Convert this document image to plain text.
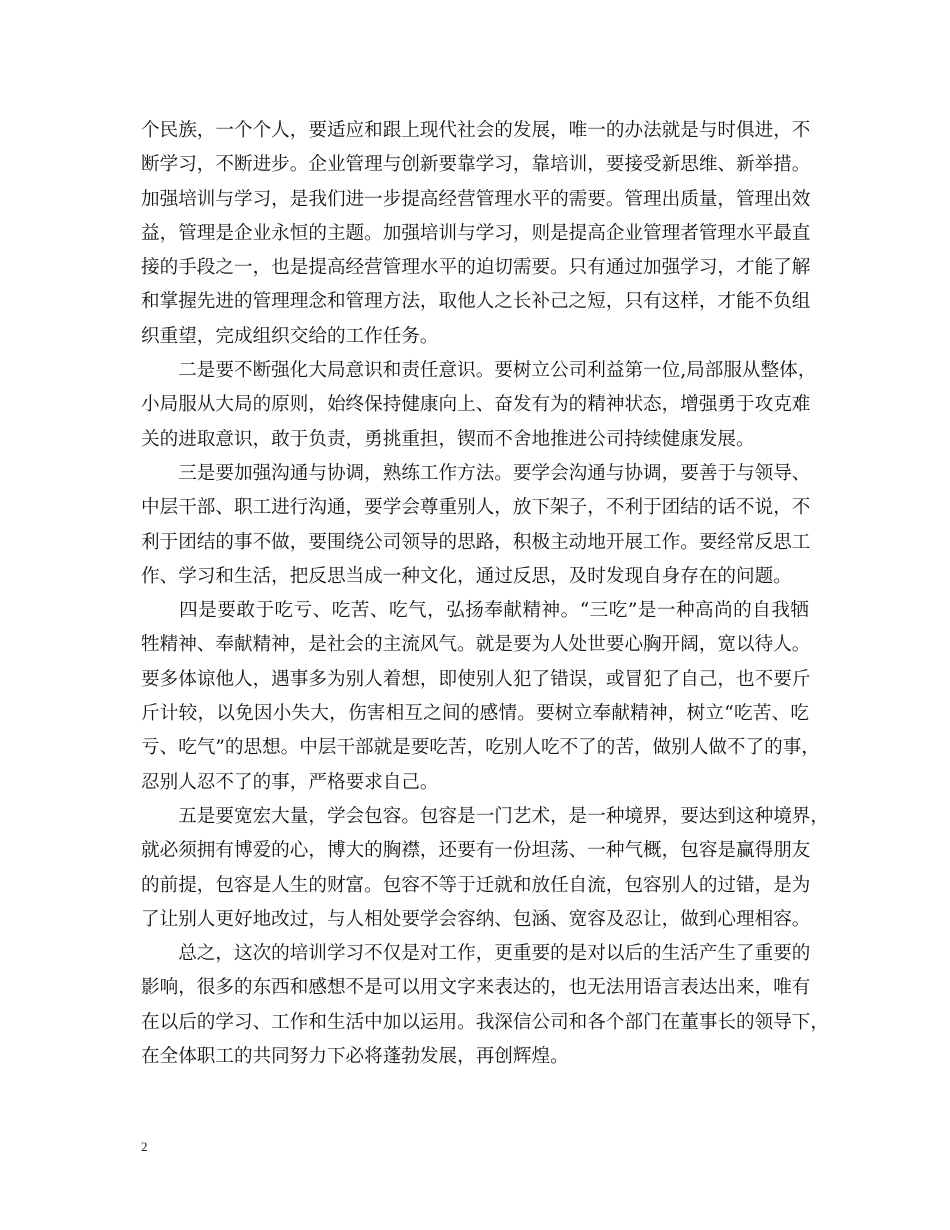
个民族，一个个人，要适应和跟上现代社会的发展，唯一的办法就是与时俱进，不
断学习，不断进步。企业管理与创新要靠学习，靠培训，要接受新思维、新举措。
加强培训与学习，是我们进一步提高经营管理水平的需要。管理出质量，管理出效
益，管理是企业永恒的主题。加强培训与学习，则是提高企业管理者管理水平最直
接的手段之一，也是提高经营管理水平的迫切需要。只有通过加强学习，才能了解
和掌握先进的管理理念和管理方法，取他人之长补己之短，只有这样，才能不负组
织重望，完成组织交给的工作任务。
　　二是要不断强化大局意识和责任意识。要树立公司利益第一位,局部服从整体，
小局服从大局的原则，始终保持健康向上、奋发有为的精神状态，增强勇于攻克难
关的进取意识，敢于负责，勇挑重担，锲而不舍地推进公司持续健康发展。
　　三是要加强沟通与协调，熟练工作方法。要学会沟通与协调，要善于与领导、
中层干部、职工进行沟通，要学会尊重别人，放下架子，不利于团结的话不说，不
利于团结的事不做，要围绕公司领导的思路，积极主动地开展工作。要经常反思工
作、学习和生活，把反思当成一种文化，通过反思，及时发现自身存在的问题。
　　四是要敢于吃亏、吃苦、吃气，弘扬奉献精神。“三吃”是一种高尚的自我牺
牲精神、奉献精神，是社会的主流风气。就是要为人处世要心胸开阔，宽以待人。
要多体谅他人，遇事多为别人着想，即使别人犯了错误，或冒犯了自己，也不要斤
斤计较，以免因小失大，伤害相互之间的感情。要树立奉献精神，树立“吃苦、吃
亏、吃气”的思想。中层干部就是要吃苦，吃别人吃不了的苦，做别人做不了的事，
忍别人忍不了的事，严格要求自己。
　　五是要宽宏大量，学会包容。包容是一门艺术，是一种境界，要达到这种境界，
就必须拥有博爱的心，博大的胸襟，还要有一份坦荡、一种气概，包容是赢得朋友
的前提，包容是人生的财富。包容不等于迁就和放任自流，包容别人的过错，是为
了让别人更好地改过，与人相处要学会容纳、包涵、宽容及忍让，做到心理相容。
　　总之，这次的培训学习不仅是对工作，更重要的是对以后的生活产生了重要的
影响，很多的东西和感想不是可以用文字来表达的，也无法用语言表达出来，唯有
在以后的学习、工作和生活中加以运用。我深信公司和各个部门在董事长的领导下，
在全体职工的共同努力下必将蓬勃发展，再创辉煌。
2
